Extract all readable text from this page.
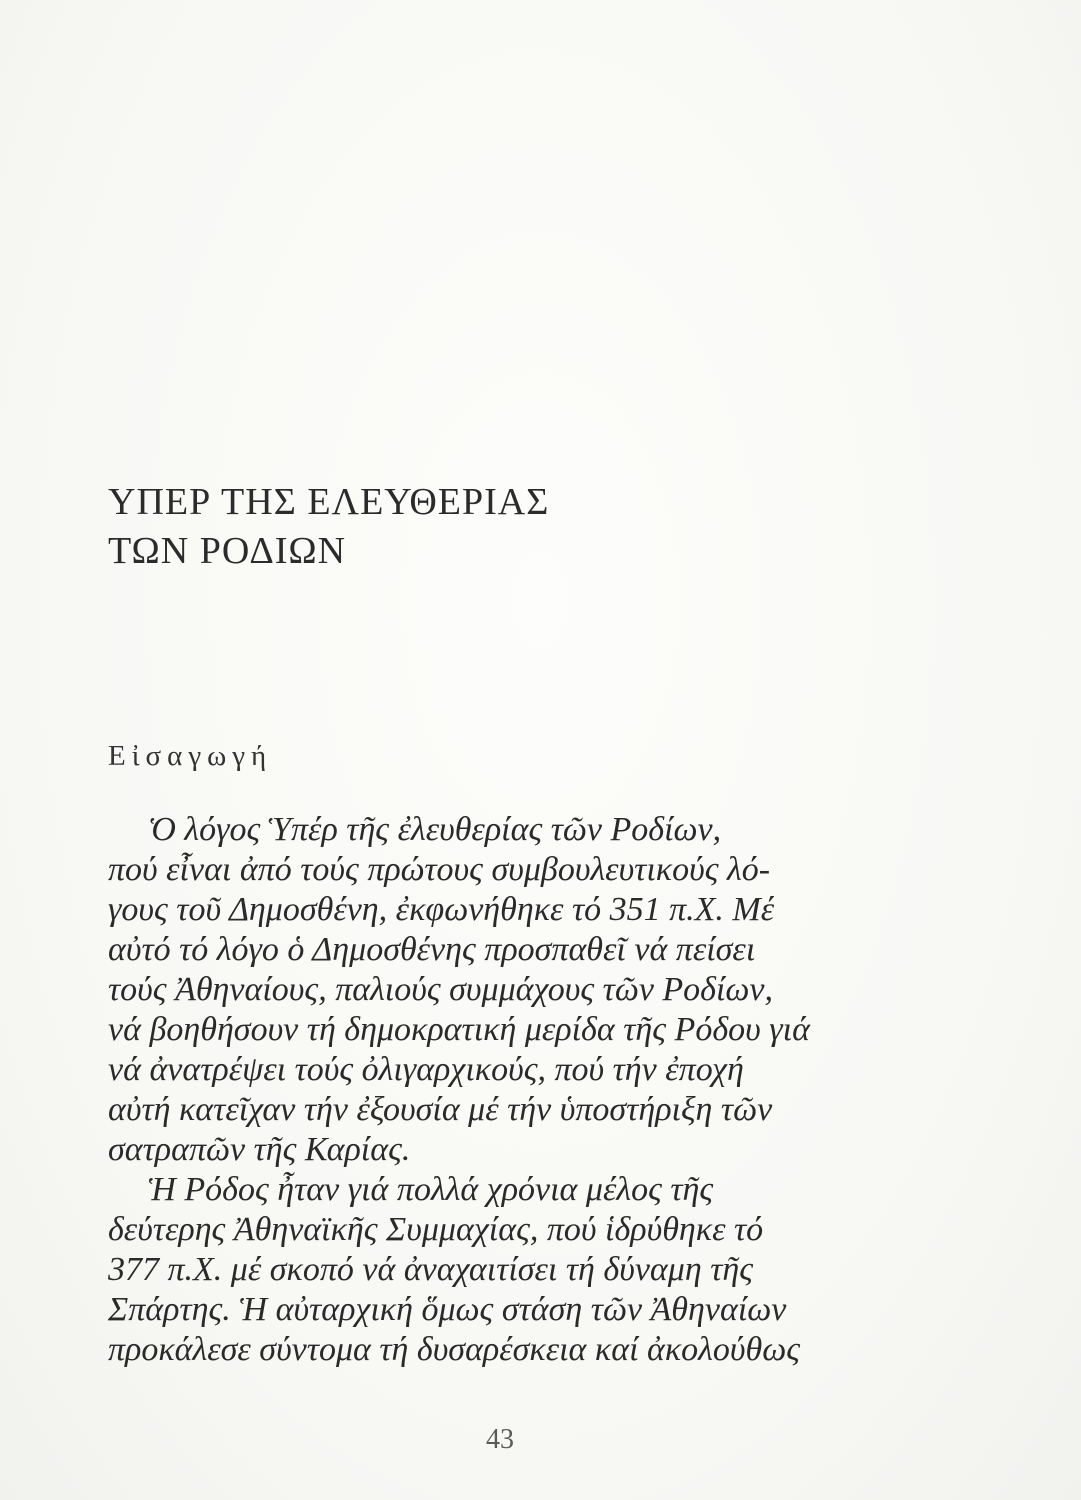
ΥΠΕΡ ΤΗΣ ΕΛΕΥΘΕΡΙΑΣ
ΤΩΝ ΡΟΔΙΩΝ
Εἰσαγωγή
Ὁ λόγος Ὑπέρ τῆς ἐλευθερίας τῶν Ροδίων,
πού εἶναι ἀπό τούς πρώτους συμβουλευτικούς λό-
γους τοῦ Δημοσθένη, ἐκφωνήθηκε τό 351 π.Χ. Μέ
αὐτό τό λόγο ὁ Δημοσθένης προσπαθεῖ νά πείσει
τούς Ἀθηναίους, παλιούς συμμάχους τῶν Ροδίων,
νά βοηθήσουν τή δημοκρατική μερίδα τῆς Ρόδου γιά
νά ἀνατρέψει τούς ὀλιγαρχικούς, πού τήν ἐποχή
αὐτή κατεῖχαν τήν ἐξουσία μέ τήν ὑποστήριξη τῶν
σατραπῶν τῆς Καρίας.
Ἡ Ρόδος ἦταν γιά πολλά χρόνια μέλος τῆς
δεύτερης Ἀθηναϊκῆς Συμμαχίας, πού ἱδρύθηκε τό
377 π.Χ. μέ σκοπό νά ἀναχαιτίσει τή δύναμη τῆς
Σπάρτης. Ἡ αὐταρχική ὅμως στάση τῶν Ἀθηναίων
προκάλεσε σύντομα τή δυσαρέσκεια καί ἀκολούθως
43
